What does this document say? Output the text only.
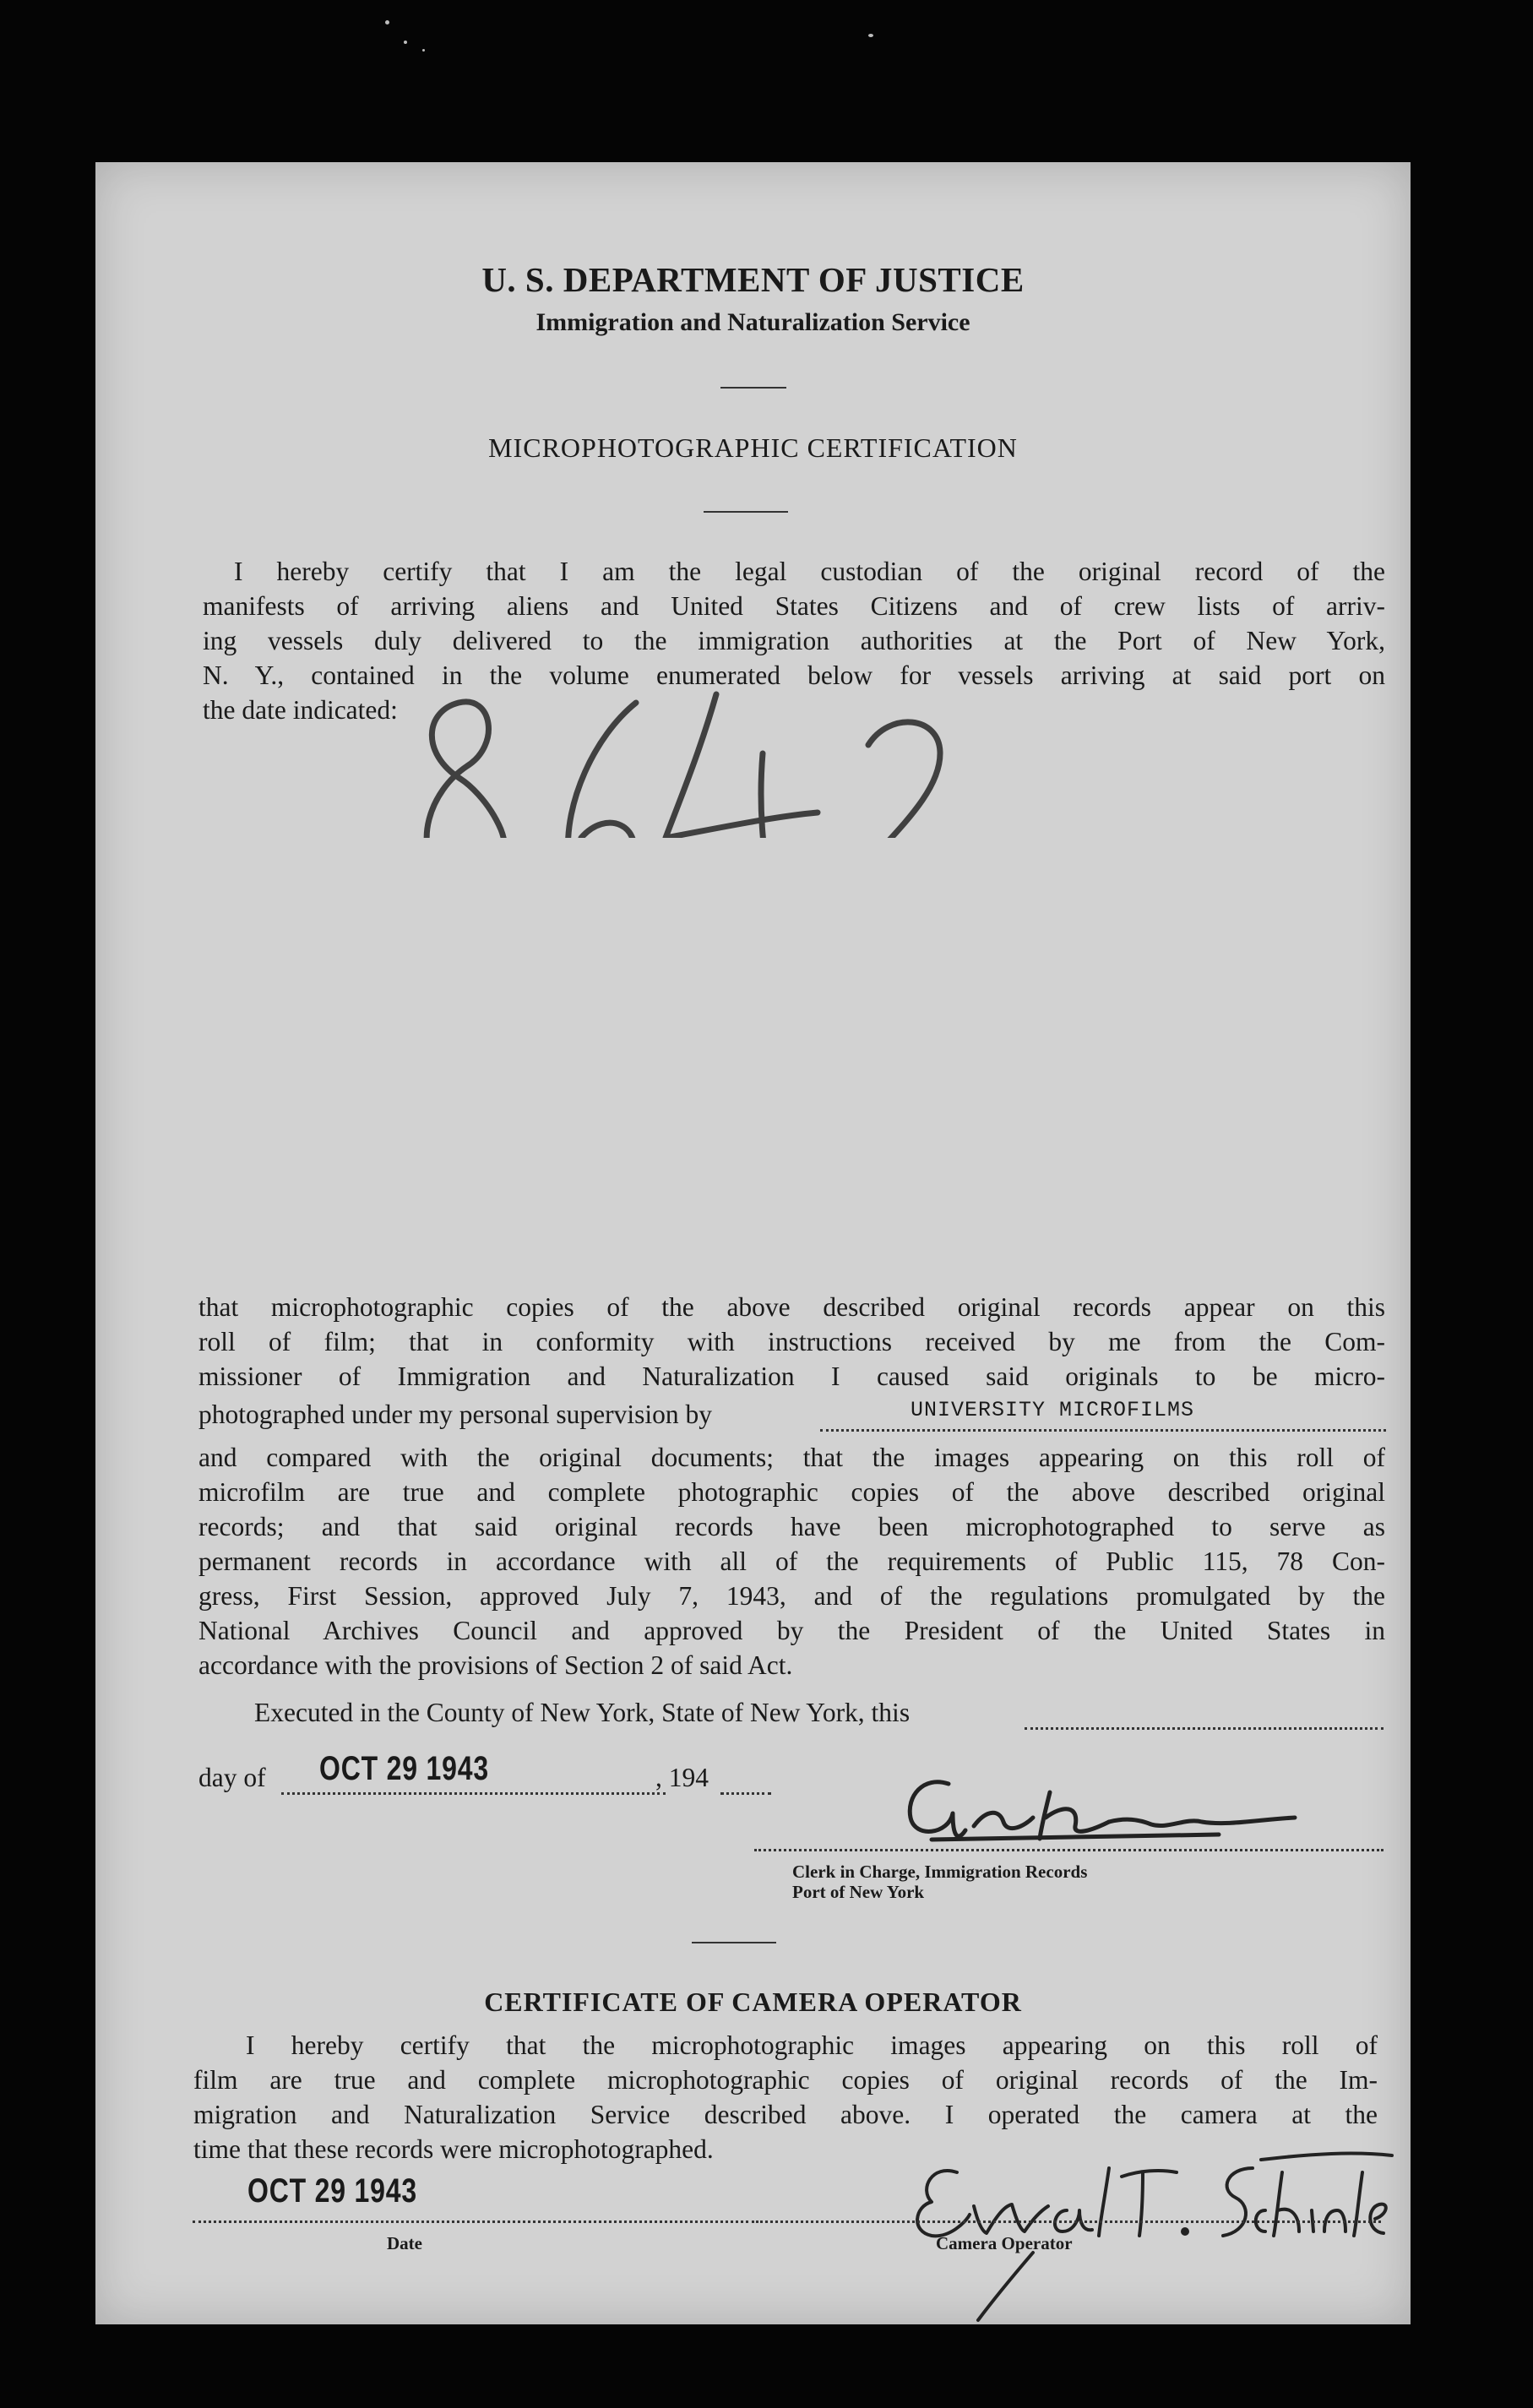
U. S. DEPARTMENT OF JUSTICE
Immigration and Naturalization Service
MICROPHOTOGRAPHIC CERTIFICATION
I hereby certify that I am the legal custodian of the original record of the
manifests of arriving aliens and United States Citizens and of crew lists of arriv-
ing vessels duly delivered to the immigration authorities at the Port of New York,
N. Y., contained in the volume enumerated below for vessels arriving at said port on
the date indicated:
that microphotographic copies of the above described original records appear on this
roll of film; that in conformity with instructions received by me from the Com-
missioner of Immigration and Naturalization I caused said originals to be micro-
photographed under my personal supervision by	UNIVERSITY MICROFILMS
and compared with the original documents; that the images appearing on this roll of
microfilm are true and complete photographic copies of the above described original
records; and that said original records have been microphotographed to serve as
permanent records in accordance with all of the requirements of Public 115, 78 Con-
gress, First Session, approved July 7, 1943, and of the regulations promulgated by the
National Archives Council and approved by the President of the United States in
accordance with the provisions of Section 2 of said Act.
Executed in the County of New York, State of New York, this
day of OCT 29 1943	, 194
Clerk in Charge, Immigration Records
Port of New York
CERTIFICATE OF CAMERA OPERATOR
I hereby certify that the microphotographic images appearing on this roll of
film are true and complete microphotographic copies of original records of the Im-
migration and Naturalization Service described above. I operated the camera at the
time that these records were microphotographed.
OCT 29 1943
Date	Camera Operator
